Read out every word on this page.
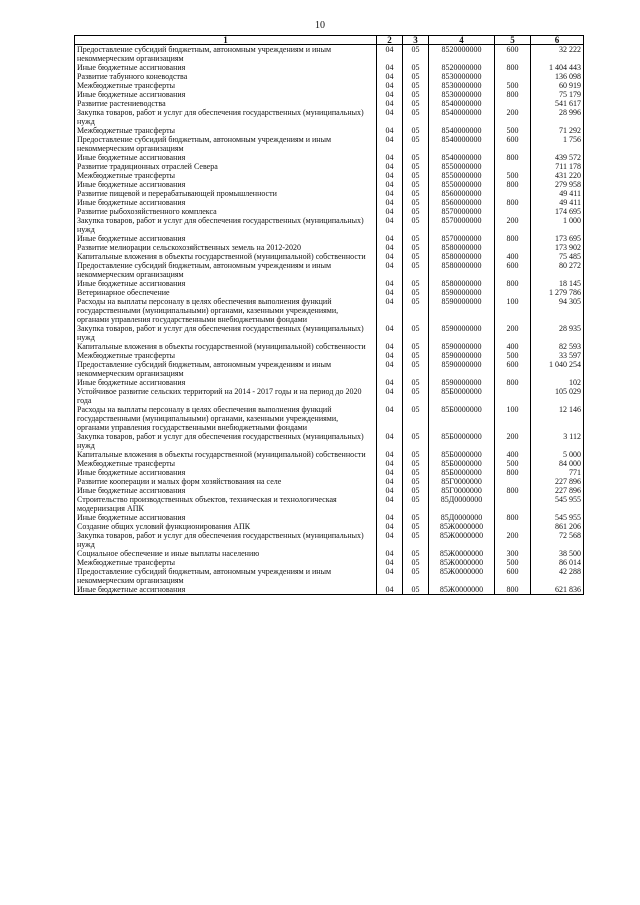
10
1	2	3	4	5	6
Предоставление субсидий бюджетным, автономным учреждениям и иным некоммерческим организациям	04	05	8520000000	600	32 222
Иные бюджетные ассигнования	04	05	8520000000	800	1 404 443
Развитие табунного коневодства	04	05	8530000000		136 098
Межбюджетные трансферты	04	05	8530000000	500	60 919
Иные бюджетные ассигнования	04	05	8530000000	800	75 179
Развитие растениеводства	04	05	8540000000		541 617
Закупка товаров, работ и услуг для обеспечения государственных (муниципальных) нужд	04	05	8540000000	200	28 996
Межбюджетные трансферты	04	05	8540000000	500	71 292
Предоставление субсидий бюджетным, автономным учреждениям и иным некоммерческим организациям	04	05	8540000000	600	1 756
Иные бюджетные ассигнования	04	05	8540000000	800	439 572
Развитие традиционных отраслей Севера	04	05	8550000000		711 178
Межбюджетные трансферты	04	05	8550000000	500	431 220
Иные бюджетные ассигнования	04	05	8550000000	800	279 958
Развитие пищевой и перерабатывающей промышленности	04	05	8560000000		49 411
Иные бюджетные ассигнования	04	05	8560000000	800	49 411
Развитие рыбохозяйственного комплекса	04	05	8570000000		174 695
Закупка товаров, работ и услуг для обеспечения государственных (муниципальных) нужд	04	05	8570000000	200	1 000
Иные бюджетные ассигнования	04	05	8570000000	800	173 695
Развитие мелиорации сельскохозяйственных земель на 2012-2020	04	05	8580000000		173 902
Капитальные вложения в объекты государственной (муниципальной) собственности	04	05	8580000000	400	75 485
Предоставление субсидий бюджетным, автономным учреждениям и иным некоммерческим организациям	04	05	8580000000	600	80 272
Иные бюджетные ассигнования	04	05	8580000000	800	18 145
Ветеринарное обеспечение	04	05	8590000000		1 279 786
Расходы на выплаты персоналу в целях обеспечения выполнения функций государственными (муниципальными) органами, казенными учреждениями, органами управления государственными внебюджетными фондами	04	05	8590000000	100	94 305
Закупка товаров, работ и услуг для обеспечения государственных (муниципальных) нужд	04	05	8590000000	200	28 935
Капитальные вложения в объекты государственной (муниципальной) собственности	04	05	8590000000	400	82 593
Межбюджетные трансферты	04	05	8590000000	500	33 597
Предоставление субсидий бюджетным, автономным учреждениям и иным некоммерческим организациям	04	05	8590000000	600	1 040 254
Иные бюджетные ассигнования	04	05	8590000000	800	102
Устойчивое развитие сельских территорий на 2014 - 2017 годы и на период до 2020 года	04	05	85Б0000000		105 029
Расходы на выплаты персоналу в целях обеспечения выполнения функций государственными (муниципальными) органами, казенными учреждениями, органами управления государственными внебюджетными фондами	04	05	85Б0000000	100	12 146
Закупка товаров, работ и услуг для обеспечения государственных (муниципальных) нужд	04	05	85Б0000000	200	3 112
Капитальные вложения в объекты государственной (муниципальной) собственности	04	05	85Б0000000	400	5 000
Межбюджетные трансферты	04	05	85Б0000000	500	84 000
Иные бюджетные ассигнования	04	05	85Б0000000	800	771
Развитие кооперации и малых форм хозяйствования на селе	04	05	85Г0000000		227 896
Иные бюджетные ассигнования	04	05	85Г0000000	800	227 896
Строительство производственных объектов, техническая и технологическая модернизация АПК	04	05	85Д0000000		545 955
Иные бюджетные ассигнования	04	05	85Д0000000	800	545 955
Создание общих условий функционирования АПК	04	05	85Ж0000000		861 206
Закупка товаров, работ и услуг для обеспечения государственных (муниципальных) нужд	04	05	85Ж0000000	200	72 568
Социальное обеспечение и иные выплаты населению	04	05	85Ж0000000	300	38 500
Межбюджетные трансферты	04	05	85Ж0000000	500	86 014
Предоставление субсидий бюджетным, автономным учреждениям и иным некоммерческим организациям	04	05	85Ж0000000	600	42 288
Иные бюджетные ассигнования	04	05	85Ж0000000	800	621 836
